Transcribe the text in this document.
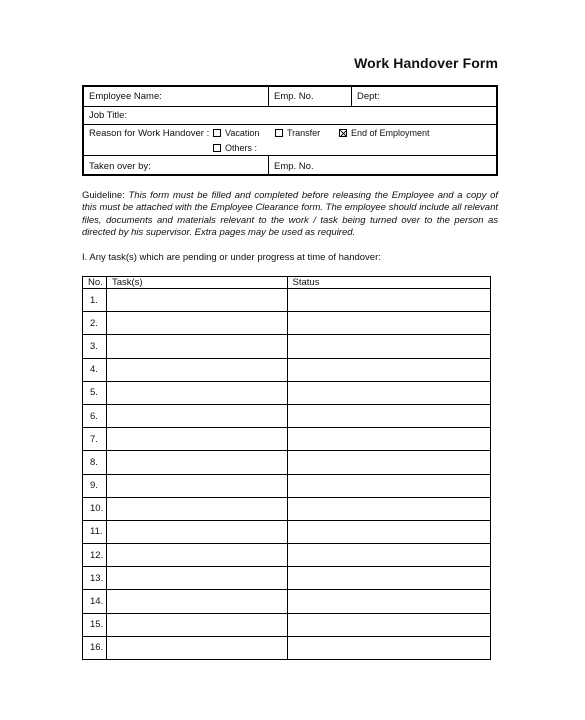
Work Handover Form
Employee Name:	Emp. No.	Dept:
Job Title:
Reason for Work Handover : Vacation	Transfer	End of Employment
Others :
Taken over by:	Emp. No.
Guideline: This form must be filled and completed before releasing the Employee and a copy of this must be attached with the Employee Clearance form. The employee should include all relevant files, documents and materials relevant to the work / task being turned over to the person as directed by his supervisor. Extra pages may be used as required.
I. Any task(s) which are pending or under progress at time of handover:
No.	Task(s)	Status
1.		
2.		
3.		
4.		
5.		
6.		
7.		
8.		
9.		
10.		
11.		
12.		
13.		
14.		
15.		
16.		
